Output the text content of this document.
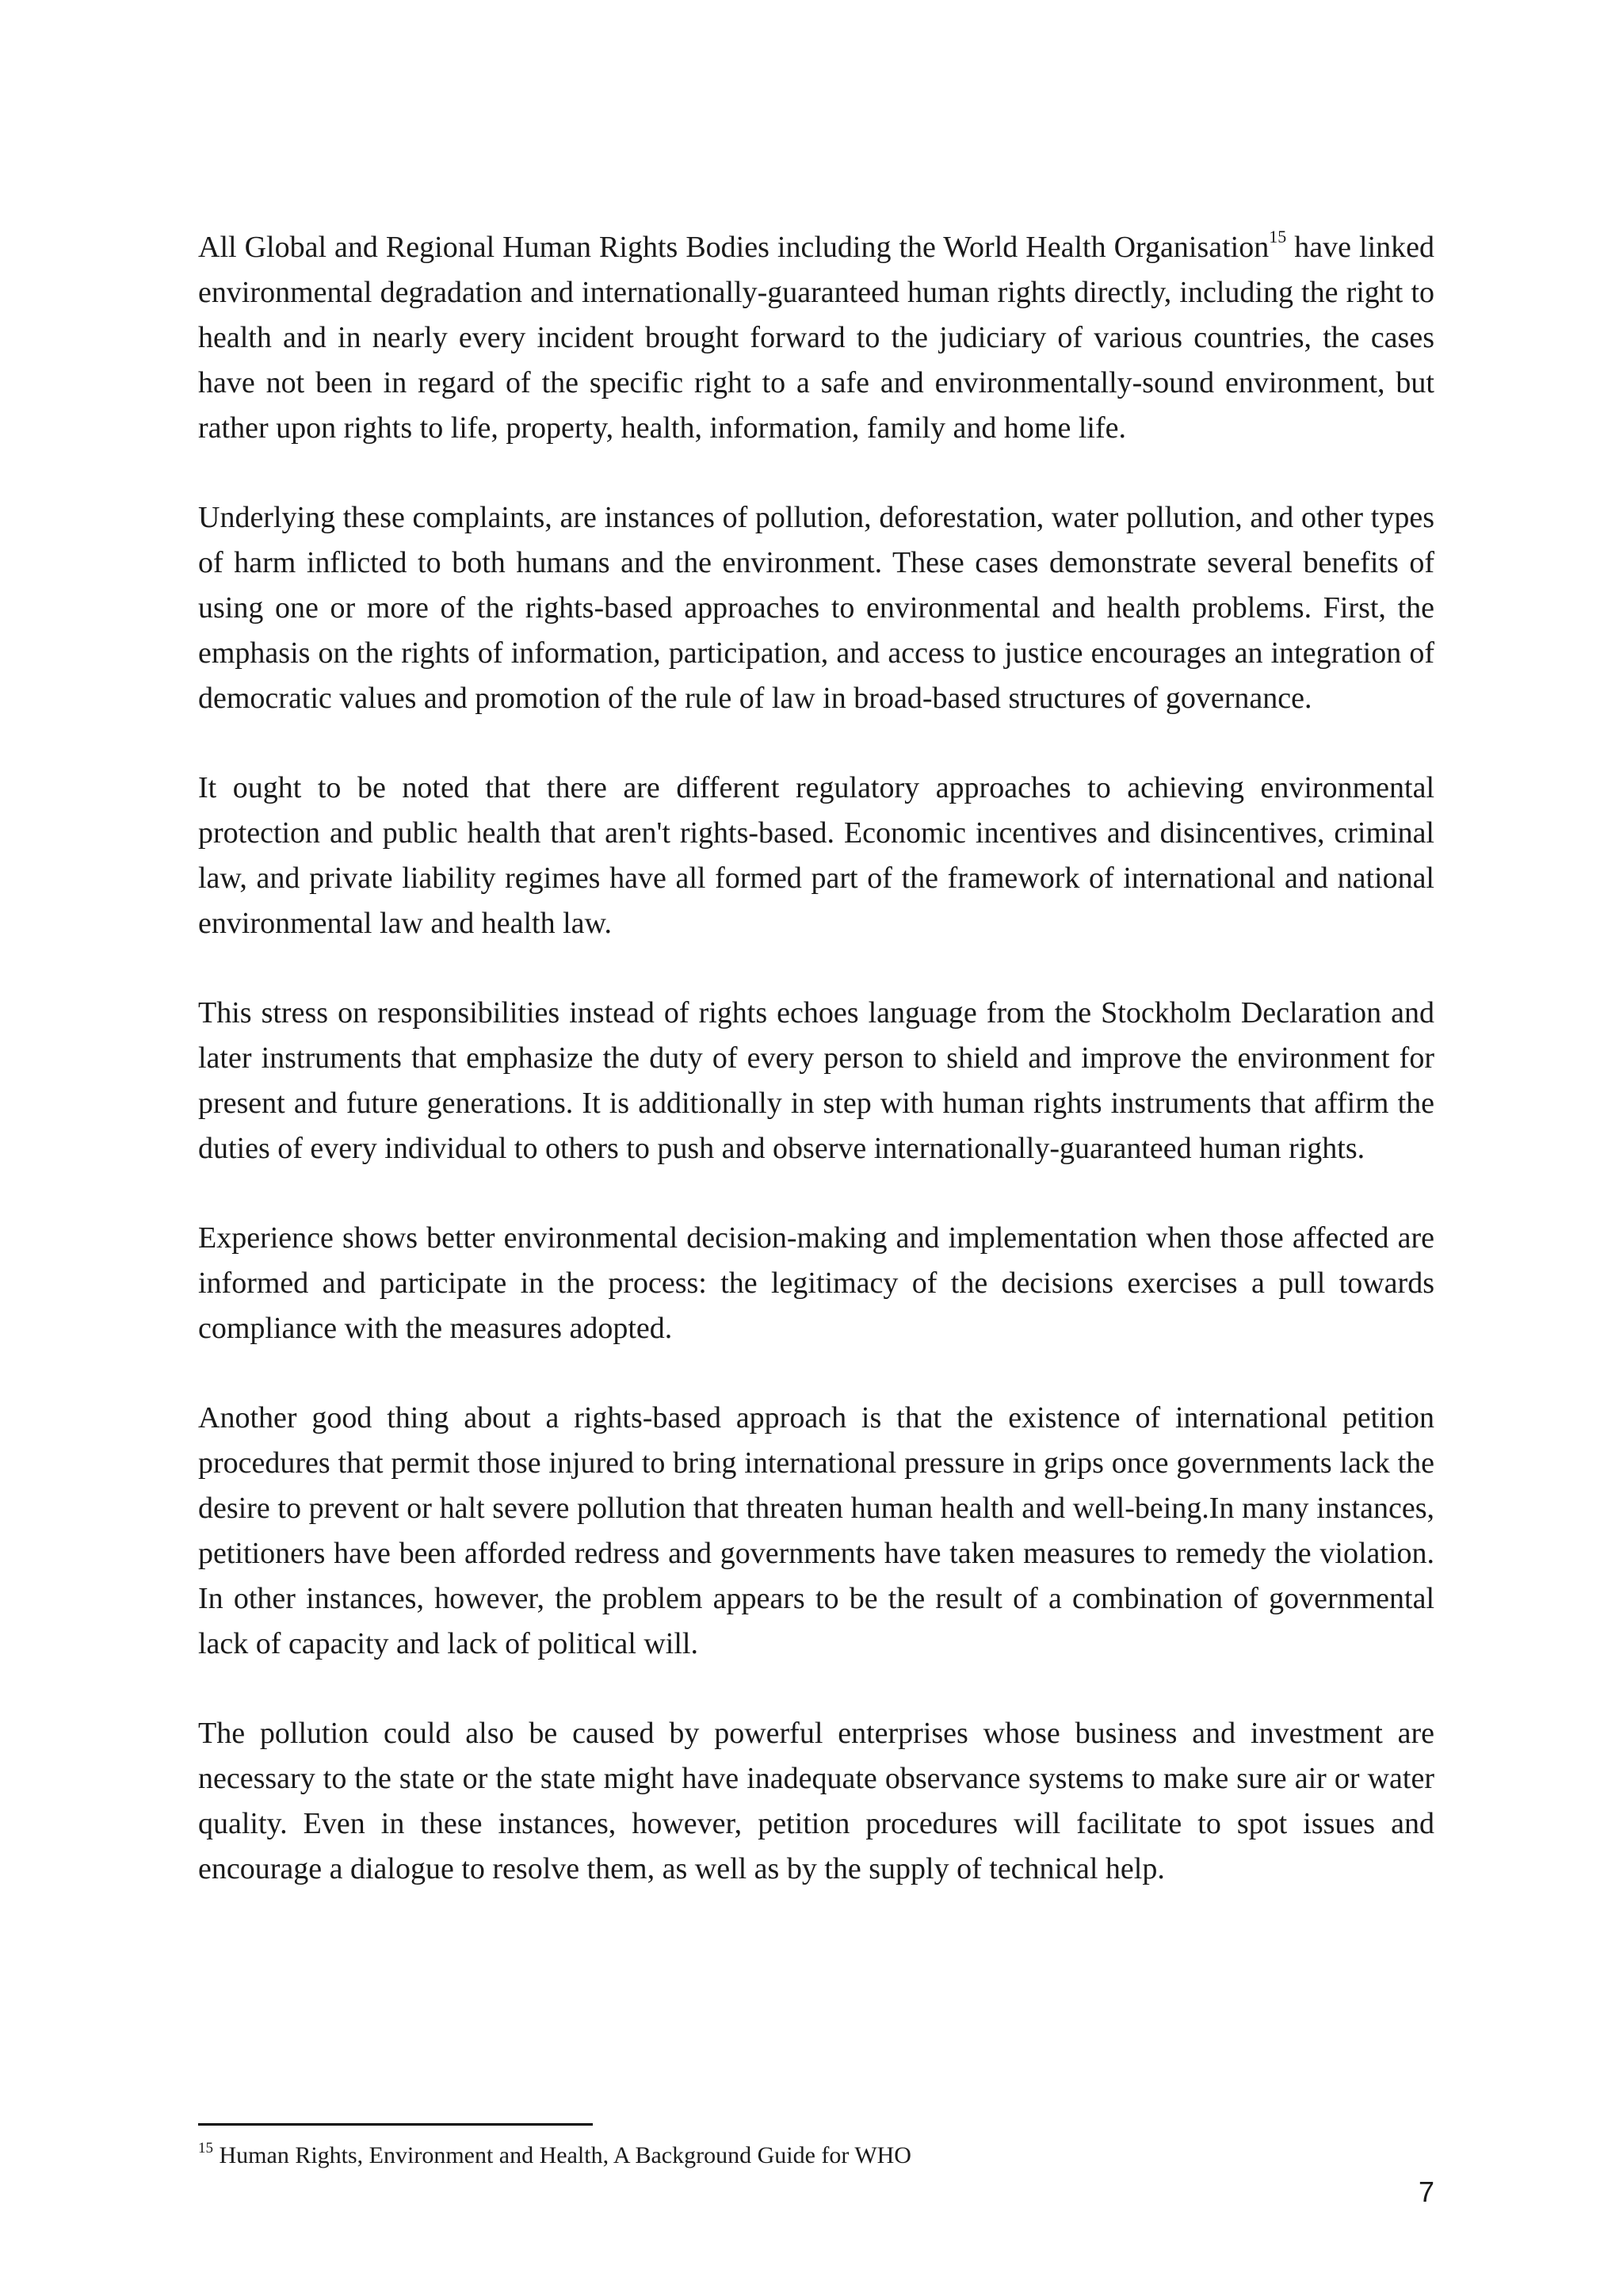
All Global and Regional Human Rights Bodies including the World Health Organisation$^{15}$ have linked environmental degradation and internationally-guaranteed human rights directly, including the right to health and in nearly every incident brought forward to the judiciary of various countries, the cases have not been in regard of the specific right to a safe and environmentally-sound environment, but rather upon rights to life, property, health, information, family and home life.

Underlying these complaints, are instances of pollution, deforestation, water pollution, and other types of harm inflicted to both humans and the environment. These cases demonstrate several benefits of using one or more of the rights-based approaches to environmental and health problems. First, the emphasis on the rights of information, participation, and access to justice encourages an integration of democratic values and promotion of the rule of law in broad-based structures of governance.

It ought to be noted that there are different regulatory approaches to achieving environmental protection and public health that aren't rights-based. Economic incentives and disincentives, criminal law, and private liability regimes have all formed part of the framework of international and national environmental law and health law.

This stress on responsibilities instead of rights echoes language from the Stockholm Declaration and later instruments that emphasize the duty of every person to shield and improve the environment for present and future generations. It is additionally in step with human rights instruments that affirm the duties of every individual to others to push and observe internationally-guaranteed human rights.

Experience shows better environmental decision-making and implementation when those affected are informed and participate in the process: the legitimacy of the decisions exercises a pull towards compliance with the measures adopted.

Another good thing about a rights-based approach is that the existence of international petition procedures that permit those injured to bring international pressure in grips once governments lack the desire to prevent or halt severe pollution that threaten human health and well-being.In many instances, petitioners have been afforded redress and governments have taken measures to remedy the violation. In other instances, however, the problem appears to be the result of a combination of governmental lack of capacity and lack of political will.

The pollution could also be caused by powerful enterprises whose business and investment are necessary to the state or the state might have inadequate observance systems to make sure air or water quality. Even in these instances, however, petition procedures will facilitate to spot issues and encourage a dialogue to resolve them, as well as by the supply of technical help.

$^{15}$ Human Rights, Environment and Health, A Background Guide for WHO
7
